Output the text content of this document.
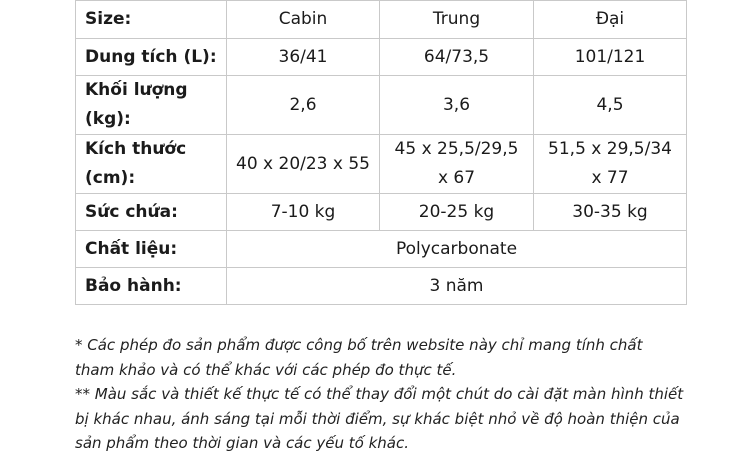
Size:	Cabin	Trung	Đại
Dung tích (L):	36/41	64/73,5	101/121
Khối lượng (kg):	2,6	3,6	4,5
Kích thước (cm):	40 x 20/23 x 55	45 x 25,5/29,5 x 67	51,5 x 29,5/34 x 77
Sức chứa:	7-10 kg	20-25 kg	30-35 kg
Chất liệu:	Polycarbonate		
Bảo hành:	3 năm		

* Các phép đo sản phẩm được công bố trên website này chỉ mang tính chất tham khảo và có thể khác với các phép đo thực tế.

** Màu sắc và thiết kế thực tế có thể thay đổi một chút do cài đặt màn hình thiết bị khác nhau, ánh sáng tại mỗi thời điểm, sự khác biệt nhỏ về độ hoàn thiện của sản phẩm theo thời gian và các yếu tố khác.
